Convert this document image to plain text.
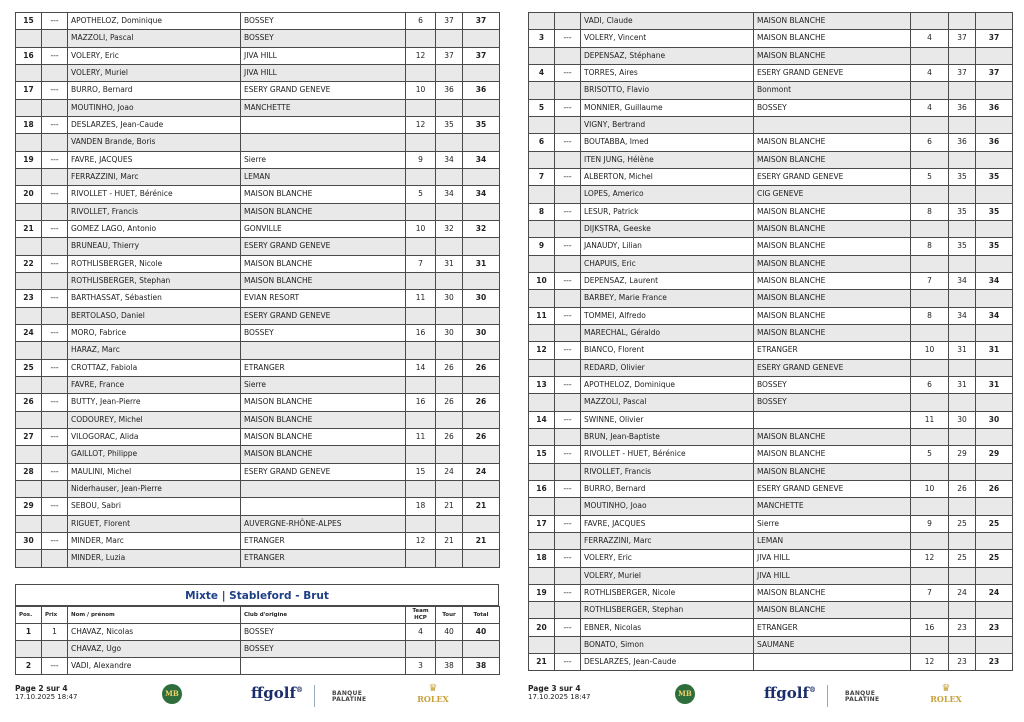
15	---	APOTHELOZ, Dominique	BOSSEY	6	37	37
		MAZZOLI, Pascal	BOSSEY			
16	---	VOLERY, Eric	JIVA HILL	12	37	37
		VOLERY, Muriel	JIVA HILL			
17	---	BURRO, Bernard	ESERY GRAND GENEVE	10	36	36
		MOUTINHO, Joao	MANCHETTE			
18	---	DESLARZES, Jean-Caude		12	35	35
		VANDEN Brande, Boris				
19	---	FAVRE, JACQUES	Sierre	9	34	34
		FERRAZZINI, Marc	LEMAN			
20	---	RIVOLLET - HUET, Bérénice	MAISON BLANCHE	5	34	34
		RIVOLLET, Francis	MAISON BLANCHE			
21	---	GOMEZ LAGO, Antonio	GONVILLE	10	32	32
		BRUNEAU, Thierry	ESERY GRAND GENEVE			
22	---	ROTHLISBERGER, Nicole	MAISON BLANCHE	7	31	31
		ROTHLISBERGER, Stephan	MAISON BLANCHE			
23	---	BARTHASSAT, Sébastien	EVIAN RESORT	11	30	30
		BERTOLASO, Daniel	ESERY GRAND GENEVE			
24	---	MORO, Fabrice	BOSSEY	16	30	30
		HARAZ, Marc				
25	---	CROTTAZ, Fabiola	ETRANGER	14	26	26
		FAVRE, France	Sierre			
26	---	BUTTY, Jean-Pierre	MAISON BLANCHE	16	26	26
		CODOUREY, Michel	MAISON BLANCHE			
27	---	VILOGORAC, Alida	MAISON BLANCHE	11	26	26
		GAILLOT, Philippe	MAISON BLANCHE			
28	---	MAULINI, Michel	ESERY GRAND GENEVE	15	24	24
		Niderhauser, Jean-Pierre				
29	---	SEBOU, Sabri		18	21	21
		RIGUET, Florent	AUVERGNE-RHÔNE-ALPES			
30	---	MINDER, Marc	ETRANGER	12	21	21
		MINDER, Luzia	ETRANGER			
Mixte | Stableford - Brut
Pos.	Prix	Nom / prénom	Club d'origine	Team HCP	Tour	Total
1	1	CHAVAZ, Nicolas	BOSSEY	4	40	40
		CHAVAZ, Ugo	BOSSEY			
2	---	VADI, Alexandre		3	38	38
		VADI, Claude	MAISON BLANCHE			
3	---	VOLERY, Vincent	MAISON BLANCHE	4	37	37
		DEPENSAZ, Stéphane	MAISON BLANCHE			
4	---	TORRES, Aires	ESERY GRAND GENEVE	4	37	37
		BRISOTTO, Flavio	Bonmont			
5	---	MONNIER, Guillaume	BOSSEY	4	36	36
		VIGNY, Bertrand				
6	---	BOUTABBA, Imed	MAISON BLANCHE	6	36	36
		ITEN JUNG, Hélène	MAISON BLANCHE			
7	---	ALBERTON, Michel	ESERY GRAND GENEVE	5	35	35
		LOPES, Americo	CIG GENEVE			
8	---	LESUR, Patrick	MAISON BLANCHE	8	35	35
		DIJKSTRA, Geeske	MAISON BLANCHE			
9	---	JANAUDY, Lilian	MAISON BLANCHE	8	35	35
		CHAPUIS, Eric	MAISON BLANCHE			
10	---	DEPENSAZ, Laurent	MAISON BLANCHE	7	34	34
		BARBEY, Marie France	MAISON BLANCHE			
11	---	TOMMEI, Alfredo	MAISON BLANCHE	8	34	34
		MARECHAL, Géraldo	MAISON BLANCHE			
12	---	BIANCO, Florent	ETRANGER	10	31	31
		REDARD, Olivier	ESERY GRAND GENEVE			
13	---	APOTHELOZ, Dominique	BOSSEY	6	31	31
		MAZZOLI, Pascal	BOSSEY			
14	---	SWINNE, Olivier		11	30	30
		BRUN, Jean-Baptiste	MAISON BLANCHE			
15	---	RIVOLLET - HUET, Bérénice	MAISON BLANCHE	5	29	29
		RIVOLLET, Francis	MAISON BLANCHE			
16	---	BURRO, Bernard	ESERY GRAND GENEVE	10	26	26
		MOUTINHO, Joao	MANCHETTE			
17	---	FAVRE, JACQUES	Sierre	9	25	25
		FERRAZZINI, Marc	LEMAN			
18	---	VOLERY, Eric	JIVA HILL	12	25	25
		VOLERY, Muriel	JIVA HILL			
19	---	ROTHLISBERGER, Nicole	MAISON BLANCHE	7	24	24
		ROTHLISBERGER, Stephan	MAISON BLANCHE			
20	---	EBNER, Nicolas	ETRANGER	16	23	23
		BONATO, Simon	SAUMANE			
21	---	DESLARZES, Jean-Caude		12	23	23
Page 2 sur 4
17.10.2025 18:47	MB	ffgolf®	BANQUE
PALATINE
♛
ROLEX
Page 3 sur 4
17.10.2025 18:47	MB	ffgolf®	BANQUE
PALATINE
♛
ROLEX
